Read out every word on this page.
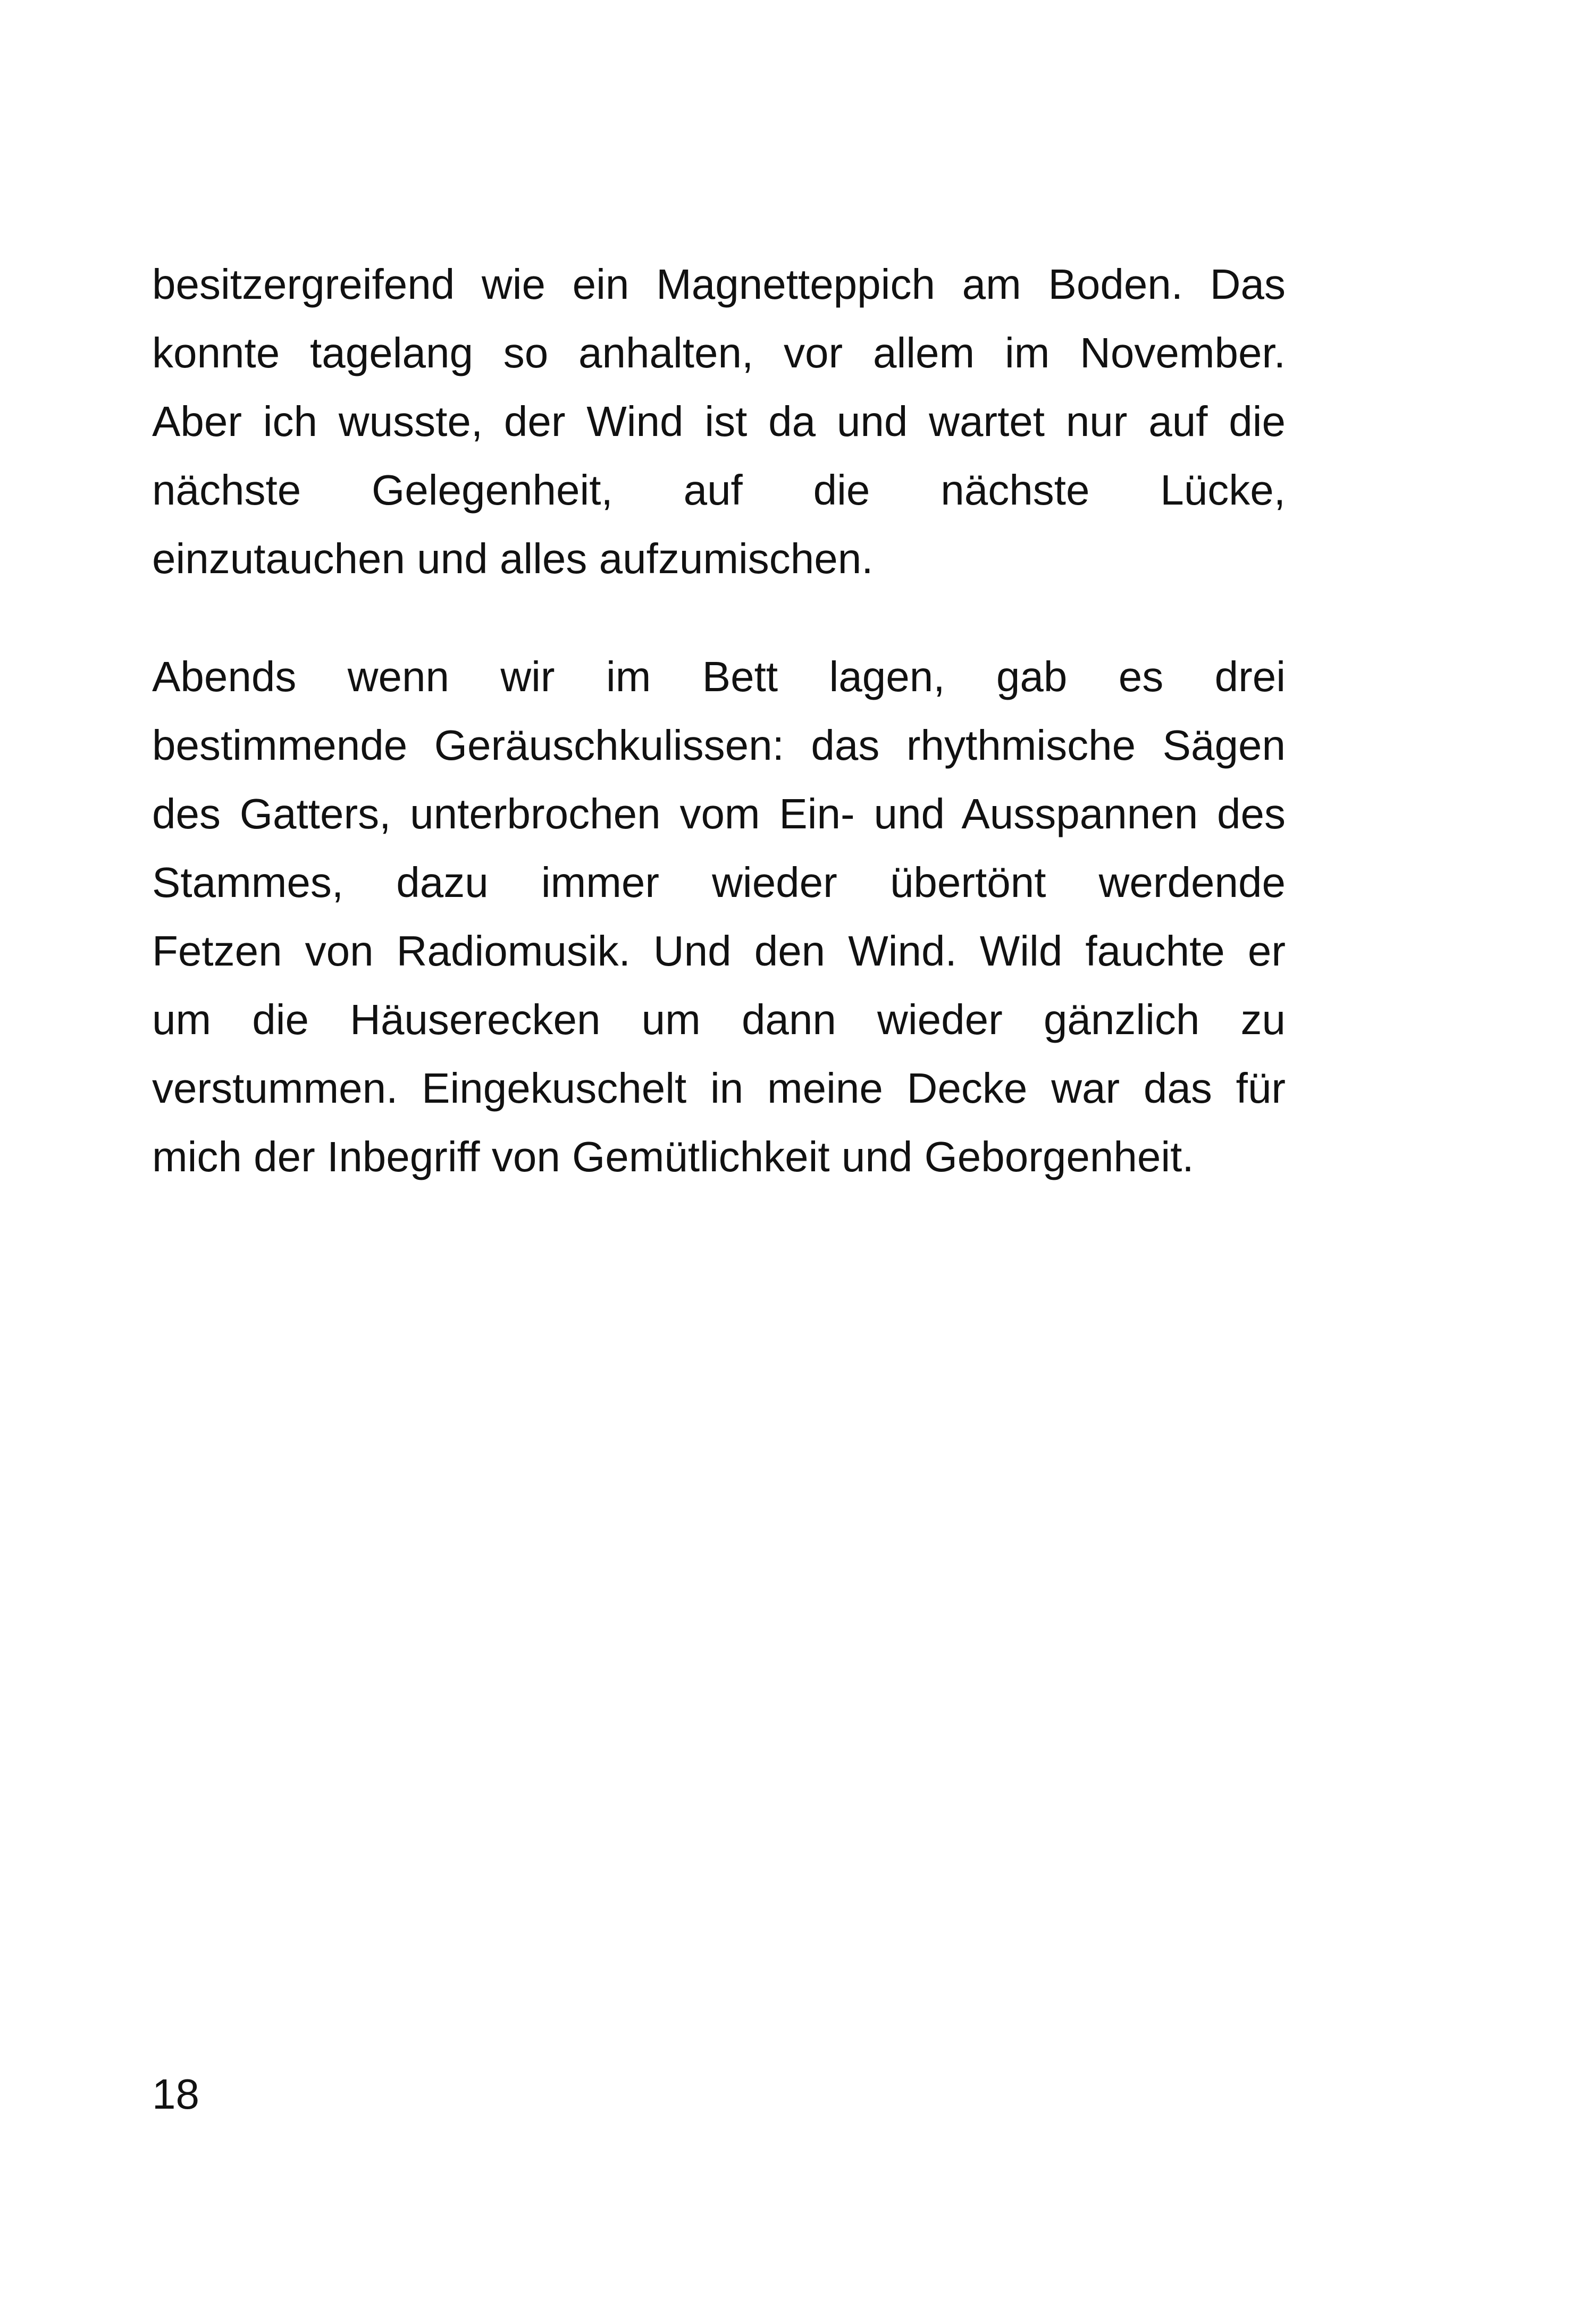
besitzergreifend wie ein Magnetteppich am Boden. Das
konnte tagelang so anhalten, vor allem im November.
Aber ich wusste, der Wind ist da und wartet nur auf die
nächste Gelegenheit, auf die nächste Lücke,
einzutauchen und alles aufzumischen.

Abends wenn wir im Bett lagen, gab es drei
bestimmende Geräuschkulissen: das rhythmische Sägen
des Gatters, unterbrochen vom Ein- und Ausspannen des
Stammes, dazu immer wieder übertönt werdende
Fetzen von Radiomusik. Und den Wind. Wild fauchte er
um die Häuserecken um dann wieder gänzlich zu
verstummen. Eingekuschelt in meine Decke war das für
mich der Inbegriff von Gemütlichkeit und Geborgenheit.

18
